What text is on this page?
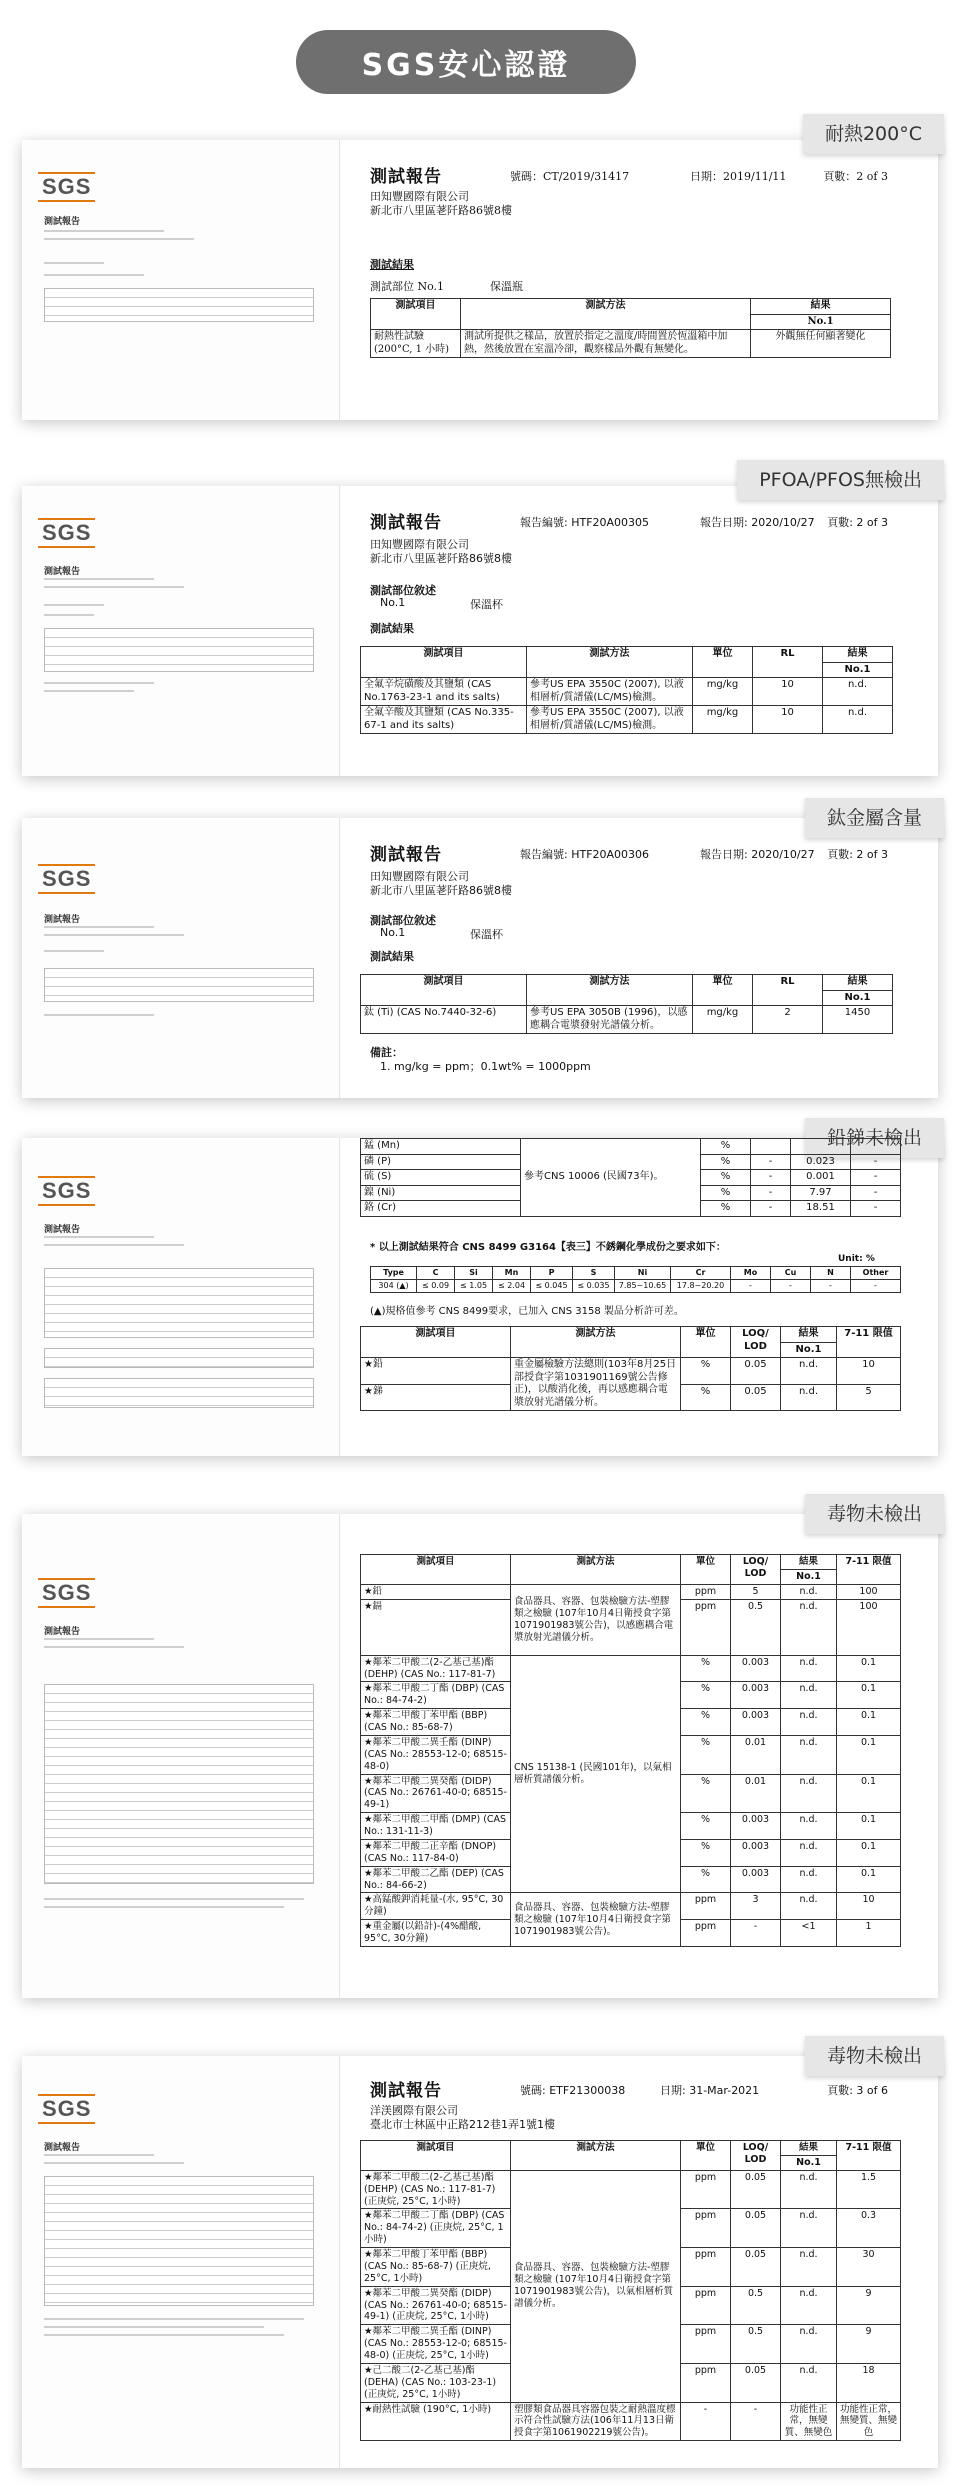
SGS安心認證
SGS
測試報告
耐熱200°C
測試報告	號碼：CT/2019/31417	日期：2019/11/11	頁數：2 of 3
田知豐國際有限公司
新北市八里區荖阡路86號8樓
測試結果
測試部位 No.1	保溫瓶
測試項目	測試方法	結果
		No.1
耐熱性試驗 (200°C, 1 小時)	測試所提供之樣品，放置於指定之溫度/時間置於恆溫箱中加熱，然後放置在室溫冷卻，觀察樣品外觀有無變化。	外觀無任何顯著變化
SGS
測試報告
PFOA/PFOS無檢出
測試報告	報告編號: HTF20A00305	報告日期: 2020/10/27 頁數: 2 of 3
田知豐國際有限公司
新北市八里區荖阡路86號8樓
測試部位敘述
No.1	保溫杯
測試結果
測試項目	測試方法	單位	RL	結果
				No.1
全氟辛烷磺酸及其鹽類 (CAS No.1763-23-1 and its salts)	參考US EPA 3550C (2007), 以液相層析/質譜儀(LC/MS)檢測。	mg/kg	10	n.d.
全氟辛酸及其鹽類 (CAS No.335-67-1 and its salts)	參考US EPA 3550C (2007), 以液相層析/質譜儀(LC/MS)檢測。	mg/kg	10	n.d.
SGS
測試報告
鈦金屬含量
測試報告	報告編號: HTF20A00306	報告日期: 2020/10/27 頁數: 2 of 3
田知豐國際有限公司
新北市八里區荖阡路86號8樓
測試部位敘述
No.1	保溫杯
測試結果
測試項目	測試方法	單位	RL	結果
				No.1
鈦 (Ti) (CAS No.7440-32-6)	參考US EPA 3050B (1996)，以感應耦合電漿發射光譜儀分析。	mg/kg	2	1450
備註：
1. mg/kg = ppm；0.1wt% = 1000ppm
SGS
測試報告
鉛銻未檢出
錳 (Mn)	參考CNS 10006 (民國73年)。	%			
磷 (P)		%	-	0.023	-
硫 (S)		%	-	0.001	-
鎳 (Ni)		%	-	7.97	-
鉻 (Cr)		%	-	18.51	-
* 以上測試結果符合 CNS 8499 G3164【表三】不銹鋼化學成份之要求如下：
Unit: %
Type	C	Si	Mn	P	S	Ni	Cr	Mo	Cu	N	Other
304 (▲)	≤ 0.09	≤ 1.05	≤ 2.04	≤ 0.045	≤ 0.035	7.85~10.65	17.8~20.20	-	-	-	-
(▲)規格值參考 CNS 8499要求，已加入 CNS 3158 製品分析許可差。
測試項目	測試方法	單位	LOQ/ LOD	結果	7-11 限值
				No.1	
★鉛	重金屬檢驗方法總則(103年8月25日部授食字第1031901169號公告修正)，以酸消化後，再以感應耦合電漿放射光譜儀分析。	%	0.05	n.d.	10
★銻		%	0.05	n.d.	5
SGS
測試報告
毒物未檢出
測試項目	測試方法	單位	LOQ/ LOD	結果	7-11 限值
				No.1	
★鉛	食品器具、容器、包裝檢驗方法-塑膠類之檢驗 (107年10月4日衛授食字第1071901983號公告)，以感應耦合電漿放射光譜儀分析。	ppm	5	n.d.	100
★鎘		ppm	0.5	n.d.	100
★鄰苯二甲酸二(2-乙基己基)酯 (DEHP) (CAS No.: 117-81-7)	CNS 15138-1 (民國101年)，以氣相層析質譜儀分析。	%	0.003	n.d.	0.1
★鄰苯二甲酸二丁酯 (DBP) (CAS No.: 84-74-2)		%	0.003	n.d.	0.1
★鄰苯二甲酸丁苯甲酯 (BBP) (CAS No.: 85-68-7)		%	0.003	n.d.	0.1
★鄰苯二甲酸二異壬酯 (DINP) (CAS No.: 28553-12-0; 68515-48-0)		%	0.01	n.d.	0.1
★鄰苯二甲酸二異癸酯 (DIDP) (CAS No.: 26761-40-0; 68515-49-1)		%	0.01	n.d.	0.1
★鄰苯二甲酸二甲酯 (DMP) (CAS No.: 131-11-3)		%	0.003	n.d.	0.1
★鄰苯二甲酸二正辛酯 (DNOP) (CAS No.: 117-84-0)		%	0.003	n.d.	0.1
★鄰苯二甲酸二乙酯 (DEP) (CAS No.: 84-66-2)		%	0.003	n.d.	0.1
★高錳酸鉀消耗量-(水, 95°C, 30分鐘)	食品器具、容器、包裝檢驗方法-塑膠類之檢驗 (107年10月4日衛授食字第1071901983號公告)。	ppm	3	n.d.	10
★重金屬(以鉛計)-(4%醋酸, 95°C, 30分鐘)		ppm	-	<1	1
SGS
測試報告
毒物未檢出
測試報告	號碼: ETF21300038	日期: 31-Mar-2021	頁數: 3 of 6
洋渼國際有限公司
臺北市士林區中正路212巷1弄1號1樓
測試項目	測試方法	單位	LOQ/ LOD	結果	7-11 限值
				No.1	
★鄰苯二甲酸二(2-乙基己基)酯 (DEHP) (CAS No.: 117-81-7) (正庚烷, 25°C, 1小時)	食品器具、容器、包裝檢驗方法-塑膠類之檢驗 (107年10月4日衛授食字第1071901983號公告)，以氣相層析質譜儀分析。	ppm	0.05	n.d.	1.5
★鄰苯二甲酸二丁酯 (DBP) (CAS No.: 84-74-2) (正庚烷, 25°C, 1小時)		ppm	0.05	n.d.	0.3
★鄰苯二甲酸丁苯甲酯 (BBP) (CAS No.: 85-68-7) (正庚烷, 25°C, 1小時)		ppm	0.05	n.d.	30
★鄰苯二甲酸二異癸酯 (DIDP) (CAS No.: 26761-40-0; 68515-49-1) (正庚烷, 25°C, 1小時)		ppm	0.5	n.d.	9
★鄰苯二甲酸二異壬酯 (DINP) (CAS No.: 28553-12-0; 68515-48-0) (正庚烷, 25°C, 1小時)		ppm	0.5	n.d.	9
★己二酸二(2-乙基己基)酯 (DEHA) (CAS No.: 103-23-1) (正庚烷, 25°C, 1小時)		ppm	0.05	n.d.	18
★耐熱性試驗 (190°C, 1小時)	塑膠類食品器具容器包裝之耐熱溫度標示符合性試驗方法(106年11月13日衛授食字第1061902219號公告)。	-	-	功能性正常，無變質、無變色	功能性正常，無變質、無變色
